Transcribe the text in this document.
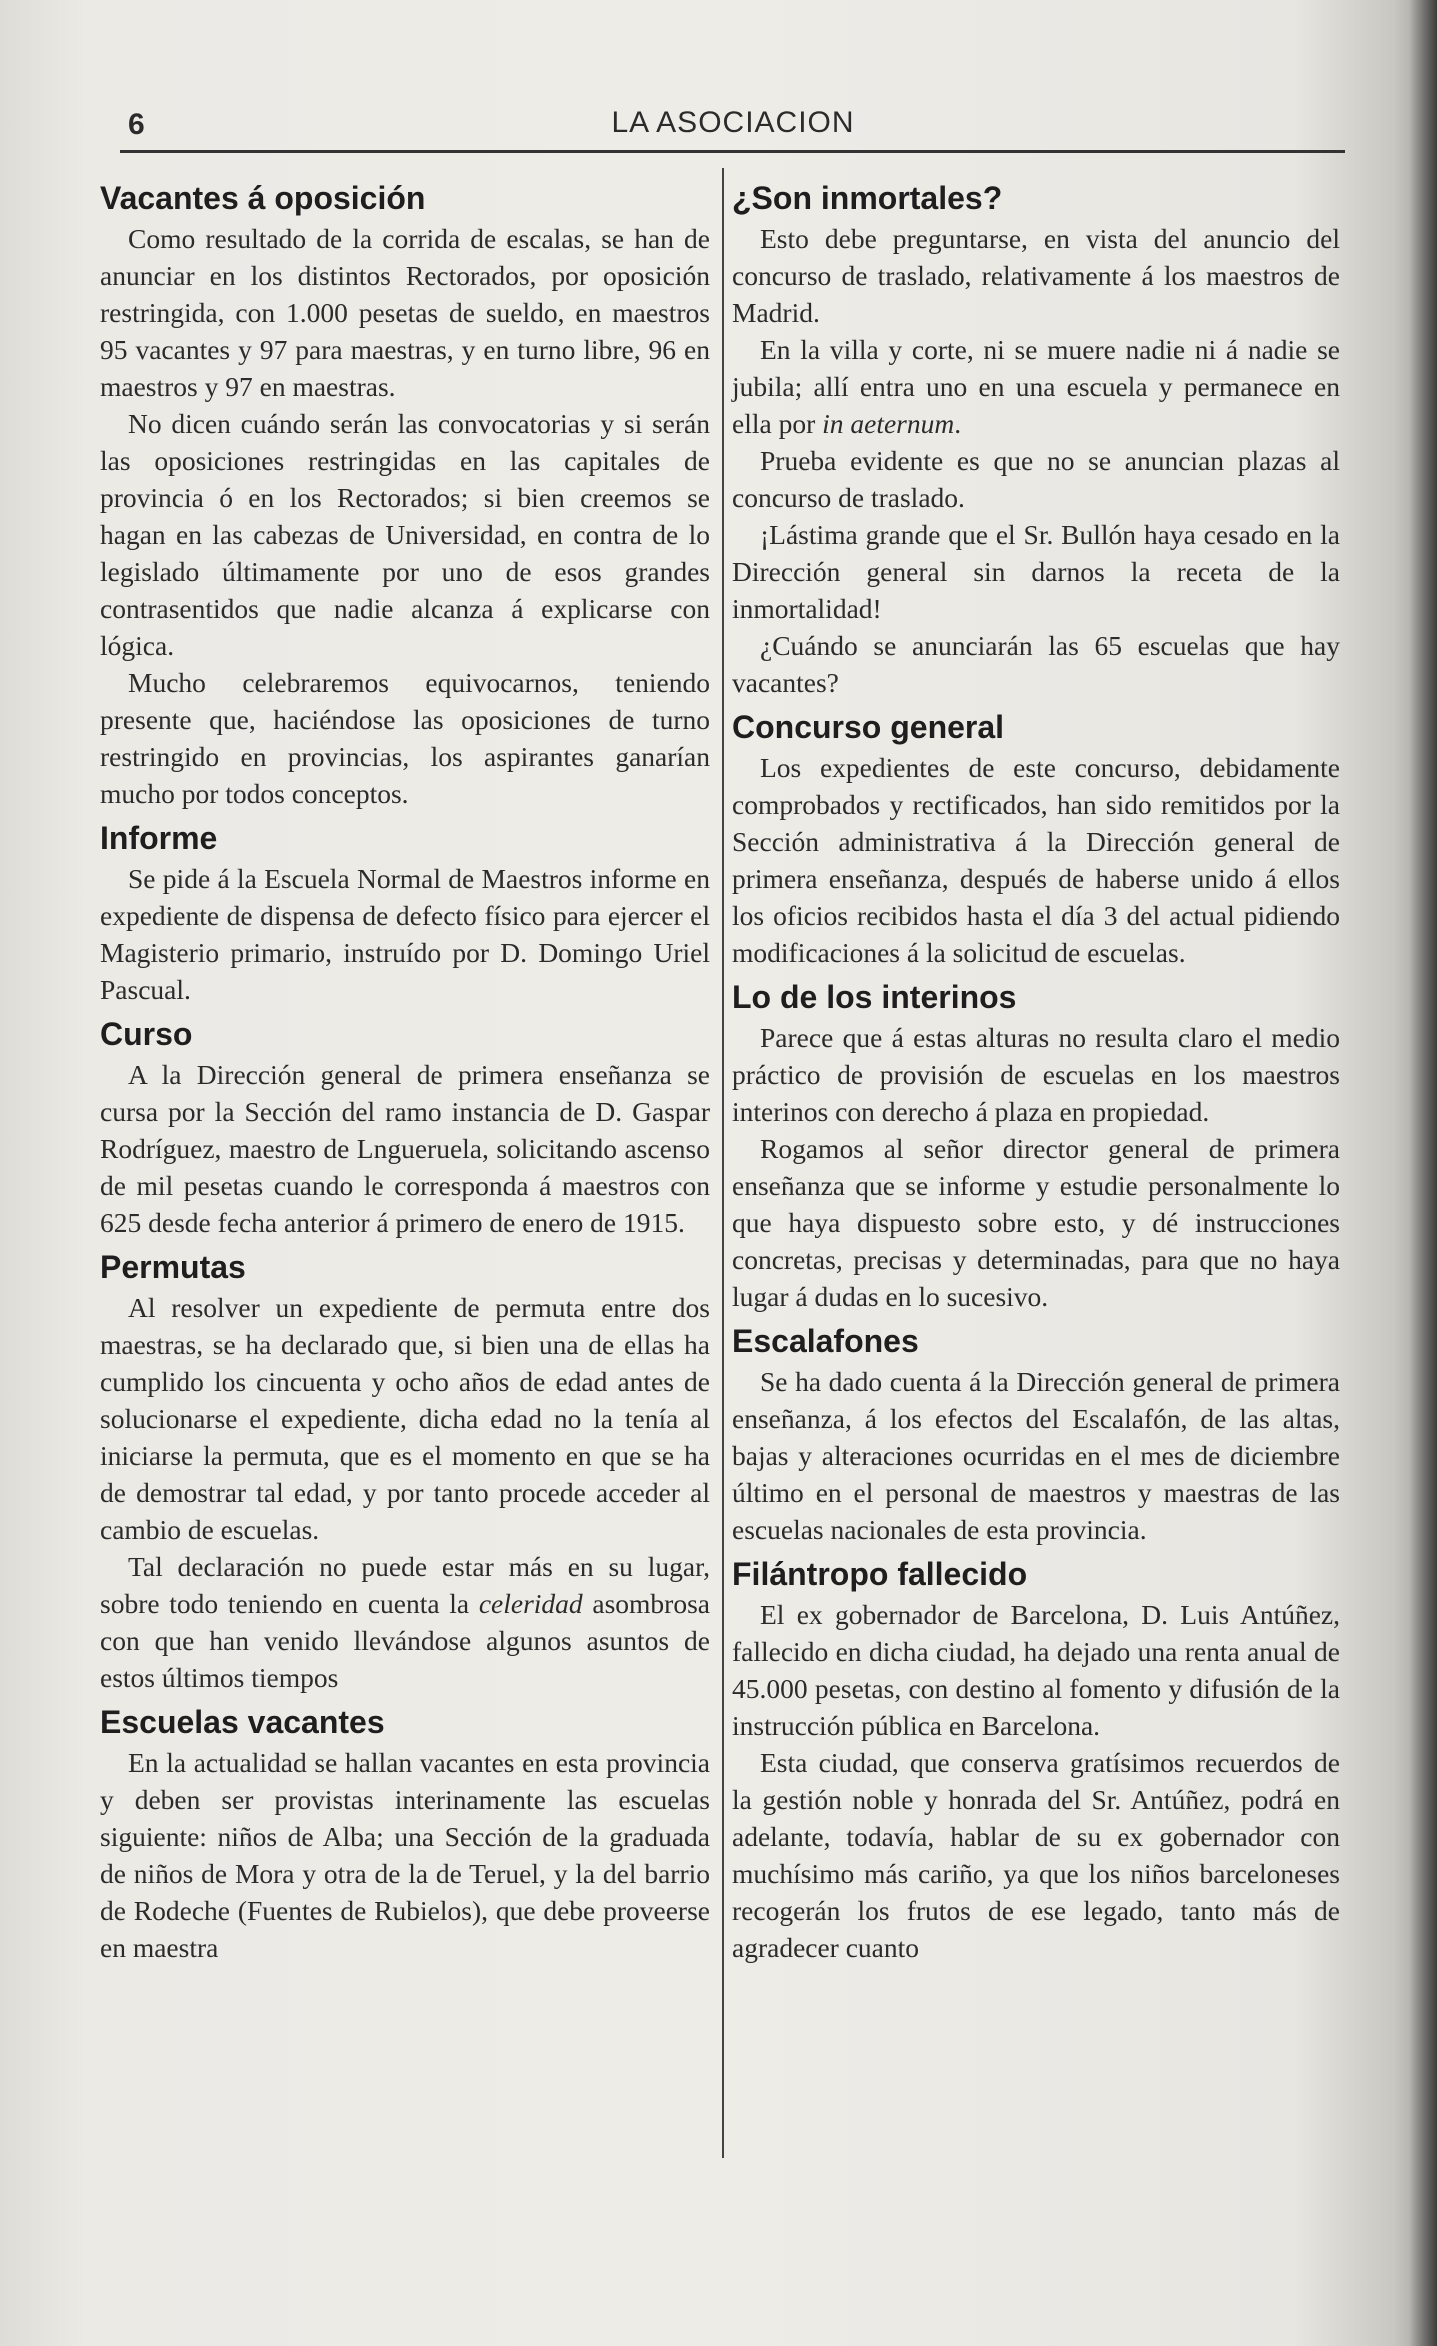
6	LA ASOCIACION
Vacantes á oposición

Como resultado de la corrida de escalas, se han de anunciar en los distintos Rectorados, por oposición restringida, con 1.000 pesetas de sueldo, en maestros 95 vacantes y 97 para maestras, y en turno libre, 96 en maestros y 97 en maestras.

No dicen cuándo serán las convocatorias y si serán las oposiciones restringidas en las capitales de provincia ó en los Rectorados; si bien creemos se hagan en las cabezas de Universidad, en contra de lo legislado últimamente por uno de esos grandes contrasentidos que nadie alcanza á explicarse con lógica.

Mucho celebraremos equivocarnos, teniendo presente que, haciéndose las oposiciones de turno restringido en provincias, los aspirantes ganarían mucho por todos conceptos.

Informe

Se pide á la Escuela Normal de Maestros informe en expediente de dispensa de defecto físico para ejercer el Magisterio primario, instruído por D. Domingo Uriel Pascual.

Curso

A la Dirección general de primera enseñanza se cursa por la Sección del ramo instancia de D. Gaspar Rodríguez, maestro de Lngueruela, solicitando ascenso de mil pesetas cuando le corresponda á maestros con 625 desde fecha anterior á primero de enero de 1915.

Permutas

Al resolver un expediente de permuta entre dos maestras, se ha declarado que, si bien una de ellas ha cumplido los cincuenta y ocho años de edad antes de solucionarse el expediente, dicha edad no la tenía al iniciarse la permuta, que es el momento en que se ha de demostrar tal edad, y por tanto procede acceder al cambio de escuelas.

Tal declaración no puede estar más en su lugar, sobre todo teniendo en cuenta la celeridad asombrosa con que han venido llevándose algunos asuntos de estos últimos tiempos

Escuelas vacantes

En la actualidad se hallan vacantes en esta provincia y deben ser provistas interinamente las escuelas siguiente: niños de Alba; una Sección de la graduada de niños de Mora y otra de la de Teruel, y la del barrio de Rodeche (Fuentes de Rubielos), que debe proveerse en maestra

¿Son inmortales?

Esto debe preguntarse, en vista del anuncio del concurso de traslado, relativamente á los maestros de Madrid.

En la villa y corte, ni se muere nadie ni á nadie se jubila; allí entra uno en una escuela y permanece en ella por in aeternum.

Prueba evidente es que no se anuncian plazas al concurso de traslado.

¡Lástima grande que el Sr. Bullón haya cesado en la Dirección general sin darnos la receta de la inmortalidad!

¿Cuándo se anunciarán las 65 escuelas que hay vacantes?

Concurso general

Los expedientes de este concurso, debidamente comprobados y rectificados, han sido remitidos por la Sección administrativa á la Dirección general de primera enseñanza, después de haberse unido á ellos los oficios recibidos hasta el día 3 del actual pidiendo modificaciones á la solicitud de escuelas.

Lo de los interinos

Parece que á estas alturas no resulta claro el medio práctico de provisión de escuelas en los maestros interinos con derecho á plaza en propiedad.

Rogamos al señor director general de primera enseñanza que se informe y estudie personalmente lo que haya dispuesto sobre esto, y dé instrucciones concretas, precisas y determinadas, para que no haya lugar á dudas en lo sucesivo.

Escalafones

Se ha dado cuenta á la Dirección general de primera enseñanza, á los efectos del Escalafón, de las altas, bajas y alteraciones ocurridas en el mes de diciembre último en el personal de maestros y maestras de las escuelas nacionales de esta provincia.

Filántropo fallecido

El ex gobernador de Barcelona, D. Luis Antúñez, fallecido en dicha ciudad, ha dejado una renta anual de 45.000 pesetas, con destino al fomento y difusión de la instrucción pública en Barcelona.

Esta ciudad, que conserva gratísimos recuerdos de la gestión noble y honrada del Sr. Antúñez, podrá en adelante, todavía, hablar de su ex gobernador con muchísimo más cariño, ya que los niños barceloneses recogerán los frutos de ese legado, tanto más de agradecer cuanto
